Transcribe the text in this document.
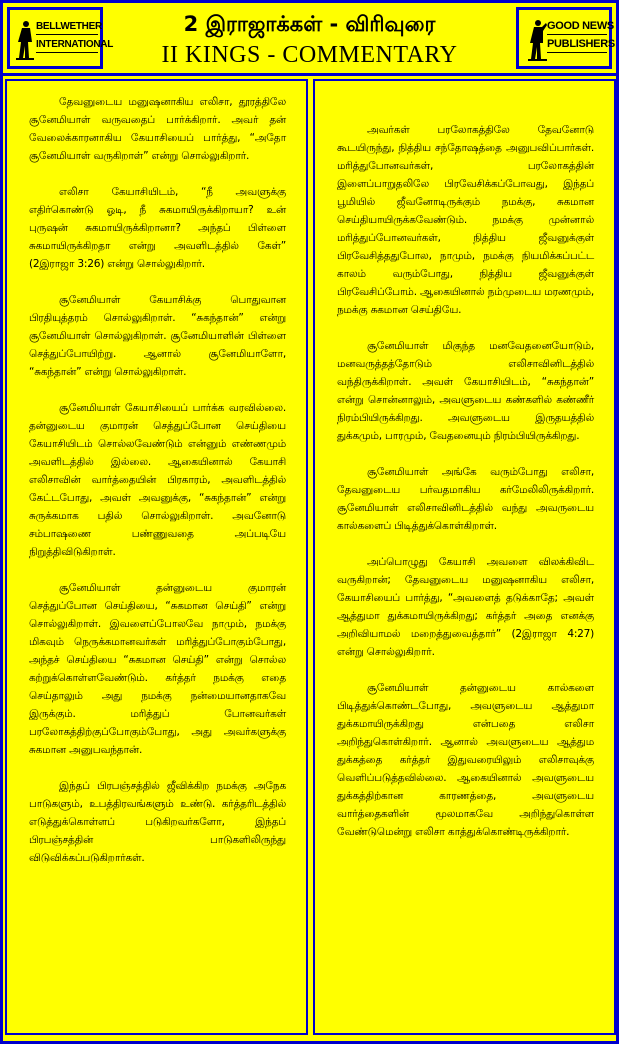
BELLWETHER
INTERNATIONAL
2 இராஜாக்கள் - விரிவுரை
II KINGS - COMMENTARY
GOOD NEWS
PUBLISHERS

தேவனுடைய மனுஷனாகிய எலிசா, தூரத்திலே சூனேமியாள் வருவதைப் பார்க்கிறார். அவர் தன் வேலைக்காரனாகிய கேயாசியைப் பார்த்து, “அதோ சூனேமியாள் வருகிறாள்” என்று சொல்லுகிறார்.

எலிசா கேயாசியிடம், “நீ அவளுக்கு எதிர்கொண்டு ஓடி, நீ சுகமாயிருக்கிறாயா? உன் புருஷன் சுகமாயிருக்கிறானா? அந்தப் பிள்ளை சுகமாயிருக்கிறதா என்று அவளிடத்தில் கேள்” (2இராஜா 3:26) என்று சொல்லுகிறார்.

சூனேமியாள் கேயாசிக்கு பொதுவான பிரதியுத்தரம் சொல்லுகிறாள். “சுகந்தான்” என்று சூனேமியாள் சொல்லுகிறாள். சூனேமியாளின் பிள்ளை செத்துப்போயிற்று. ஆனால் சூனேமியாளோ, “சுகந்தான்” என்று சொல்லுகிறாள்.

சூனேமியாள் கேயாசியைப் பார்க்க வரவில்லை. தன்னுடைய குமாரன் செத்துப்போன செய்தியை கேயாசியிடம் சொல்லவேண்டும் என்னும் எண்ணமும் அவளிடத்தில் இல்லை. ஆகையினால் கேயாசி எலிசாவின் வார்த்தையின் பிரகாரம், அவளிடத்தில் கேட்டபோது, அவள் அவனுக்கு, “சுகந்தான்” என்று சுருக்கமாக பதில் சொல்லுகிறாள். அவனோடு சம்பாஷணை பண்ணுவதை அப்படியே நிறுத்திவிடுகிறாள்.

சூனேமியாள் தன்னுடைய குமாரன் செத்துப்போன செய்தியை, “சுகமான செய்தி” என்று சொல்லுகிறாள். இவளைப்போலவே நாமும், நமக்கு மிகவும் நெருக்கமானவர்கள் மரித்துப்போகும்போது, அந்தச் செய்தியை “சுகமான செய்தி” என்று சொல்ல கற்றுக்கொள்ளவேண்டும். கர்த்தர் நமக்கு எதை செய்தாலும் அது நமக்கு நன்மையானதாகவே இருக்கும். மரித்துப் போனவர்கள் பரலோகத்திற்குப்போகும்போது, அது அவர்களுக்கு சுகமான அனுபவந்தான்.

இந்தப் பிரபஞ்சத்தில் ஜீவிக்கிற நமக்கு அநேக பாடுகளும், உபத்திரவங்களும் உண்டு. கர்த்தரிடத்தில் எடுத்துக்கொள்ளப் படுகிறவர்களோ, இந்தப் பிரபஞ்சத்தின் பாடுகளிலிருந்து விடுவிக்கப்படுகிறார்கள்.

அவர்கள் பரலோகத்திலே தேவனோடு கூடயிருந்து, நித்திய சந்தோஷத்தை அனுபவிப்பார்கள். மரித்துபோனவர்கள், பரலோகத்தின் இளைப்பாறுதலிலே பிரவேசிக்கப்போவது, இந்தப் பூமியில் ஜீவனோடிருக்கும் நமக்கு, சுகமான செய்தியாயிருக்கவேண்டும். நமக்கு முன்னால் மரித்துப்போனவர்கள், நித்திய ஜீவனுக்குள் பிரவேசித்ததுபோல, நாமும், நமக்கு நியமிக்கப்பட்ட காலம் வரும்போது, நித்திய ஜீவனுக்குள் பிரவேசிப்போம். ஆகையினால் நம்முடைய மரணமும், நமக்கு சுகமான செய்தியே.

சூனேமியாள் மிகுந்த மனவேதனையோடும், மனவருத்தத்தோடும் எலிசாவினிடத்தில் வந்திருக்கிறாள். அவள் கேயாசியிடம், “சுகந்தான்” என்று சொன்னாலும், அவளுடைய கண்களில் கண்ணீர் நிரம்பியிருக்கிறது. அவளுடைய இருதயத்தில் துக்கமும், பாரமும், வேதனையும் நிரம்பியிருக்கிறது.

சூனேமியாள் அங்கே வரும்போது எலிசா, தேவனுடைய பர்வதமாகிய கர்மேலிலிருக்கிறார். சூனேமியாள் எலிசாவினிடத்தில் வந்து அவருடைய கால்களைப் பிடித்துக்கொள்கிறாள்.

அப்பொழுது கேயாசி அவளை விலக்கிவிட வருகிறான்; தேவனுடைய மனுஷனாகிய எலிசா, கேயாசியைப் பார்த்து, “அவளைத் தடுக்காதே; அவள் ஆத்துமா துக்கமாயிருக்கிறது; கர்த்தர் அதை எனக்கு அறிவியாமல் மறைத்துவைத்தார்” (2இராஜா 4:27) என்று சொல்லுகிறார்.

சூனேமியாள் தன்னுடைய கால்களை பிடித்துக்கொண்டபோது, அவளுடைய ஆத்துமா துக்கமாயிருக்கிறது என்பதை எலிசா அறிந்துகொள்கிறார். ஆனால் அவளுடைய ஆத்தும துக்கத்தை கர்த்தர் இதுவரையிலும் எலிசாவுக்கு வெளிப்படுத்தவில்லை. ஆகையினால் அவளுடைய துக்கத்திற்கான காரணத்தை, அவளுடைய வார்த்தைகளின் மூலமாகவே அறிந்துகொள்ள வேண்டுமென்று எலிசா காத்துக்கொண்டிருக்கிறார்.
